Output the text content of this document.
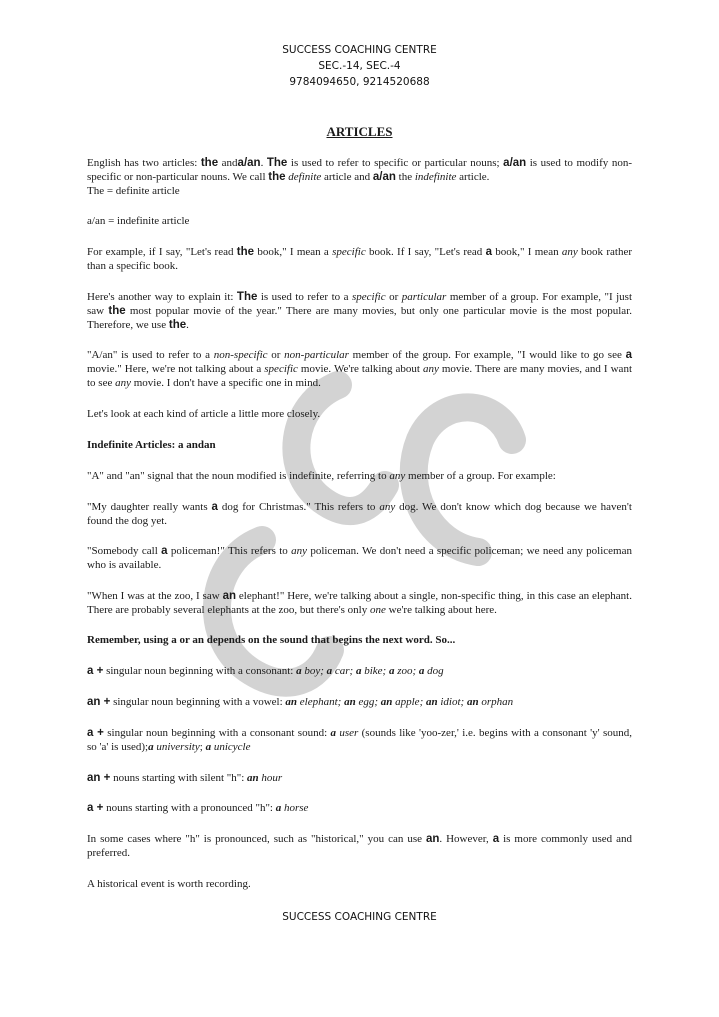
SUCCESS COACHING CENTRE
SEC.-14, SEC.-4
9784094650, 9214520688
ARTICLES

English has two articles: the anda/an. The is used to refer to specific or particular nouns; a/an is used to modify non-specific or non-particular nouns. We call the definite article and a/an the indefinite article.
The = definite article

a/an = indefinite article

For example, if I say, "Let's read the book," I mean a specific book. If I say, "Let's read a book," I mean any book rather than a specific book.

Here's another way to explain it: The is used to refer to a specific or particular member of a group. For example, "I just saw the most popular movie of the year." There are many movies, but only one particular movie is the most popular. Therefore, we use the.

"A/an" is used to refer to a non-specific or non-particular member of the group. For example, "I would like to go see a movie." Here, we're not talking about a specific movie. We're talking about any movie. There are many movies, and I want to see any movie. I don't have a specific one in mind.

Let's look at each kind of article a little more closely.

Indefinite Articles: a andan

"A" and "an" signal that the noun modified is indefinite, referring to any member of a group. For example:

"My daughter really wants a dog for Christmas." This refers to any dog. We don't know which dog because we haven't found the dog yet.

"Somebody call a policeman!" This refers to any policeman. We don't need a specific policeman; we need any policeman who is available.

"When I was at the zoo, I saw an elephant!" Here, we're talking about a single, non-specific thing, in this case an elephant. There are probably several elephants at the zoo, but there's only one we're talking about here.

Remember, using a or an depends on the sound that begins the next word. So...

a + singular noun beginning with a consonant: a boy; a car; a bike; a zoo; a dog

an + singular noun beginning with a vowel: an elephant; an egg; an apple; an idiot; an orphan

a + singular noun beginning with a consonant sound: a user (sounds like 'yoo-zer,' i.e. begins with a consonant 'y' sound, so 'a' is used);a university; a unicycle

an + nouns starting with silent "h": an hour

a + nouns starting with a pronounced "h": a horse

In some cases where "h" is pronounced, such as "historical," you can use an. However, a is more commonly used and preferred.

A historical event is worth recording.

SUCCESS COACHING CENTRE
